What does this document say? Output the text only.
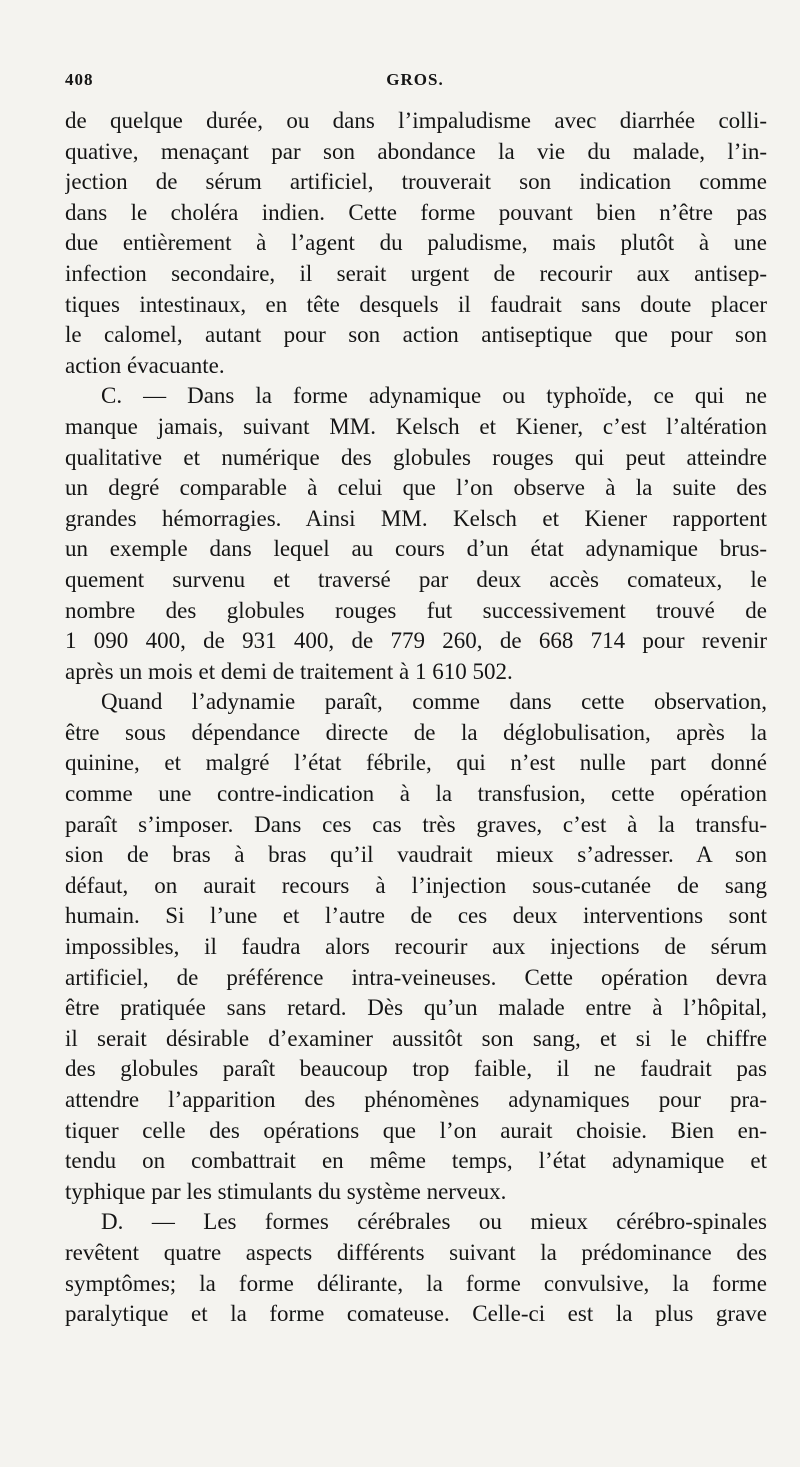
408	GROS.
de quelque durée, ou dans l’impaludisme avec diarrhée colli-
quative, menaçant par son abondance la vie du malade, l’in-
jection de sérum artificiel, trouverait son indication comme
dans le choléra indien. Cette forme pouvant bien n’être pas
due entièrement à l’agent du paludisme, mais plutôt à une
infection secondaire, il serait urgent de recourir aux antisep-
tiques intestinaux, en tête desquels il faudrait sans doute placer
le calomel, autant pour son action antiseptique que pour son
action évacuante.
C. — Dans la forme adynamique ou typhoïde, ce qui ne
manque jamais, suivant MM. Kelsch et Kiener, c’est l’altération
qualitative et numérique des globules rouges qui peut atteindre
un degré comparable à celui que l’on observe à la suite des
grandes hémorragies. Ainsi MM. Kelsch et Kiener rapportent
un exemple dans lequel au cours d’un état adynamique brus-
quement survenu et traversé par deux accès comateux, le
nombre des globules rouges fut successivement trouvé de
1 090 400, de 931 400, de 779 260, de 668 714 pour revenir
après un mois et demi de traitement à 1 610 502.
Quand l’adynamie paraît, comme dans cette observation,
être sous dépendance directe de la déglobulisation, après la
quinine, et malgré l’état fébrile, qui n’est nulle part donné
comme une contre-indication à la transfusion, cette opération
paraît s’imposer. Dans ces cas très graves, c’est à la transfu-
sion de bras à bras qu’il vaudrait mieux s’adresser. A son
défaut, on aurait recours à l’injection sous-cutanée de sang
humain. Si l’une et l’autre de ces deux interventions sont
impossibles, il faudra alors recourir aux injections de sérum
artificiel, de préférence intra-veineuses. Cette opération devra
être pratiquée sans retard. Dès qu’un malade entre à l’hôpital,
il serait désirable d’examiner aussitôt son sang, et si le chiffre
des globules paraît beaucoup trop faible, il ne faudrait pas
attendre l’apparition des phénomènes adynamiques pour pra-
tiquer celle des opérations que l’on aurait choisie. Bien en-
tendu on combattrait en même temps, l’état adynamique et
typhique par les stimulants du système nerveux.
D. — Les formes cérébrales ou mieux cérébro-spinales
revêtent quatre aspects différents suivant la prédominance des
symptômes; la forme délirante, la forme convulsive, la forme
paralytique et la forme comateuse. Celle-ci est la plus grave
